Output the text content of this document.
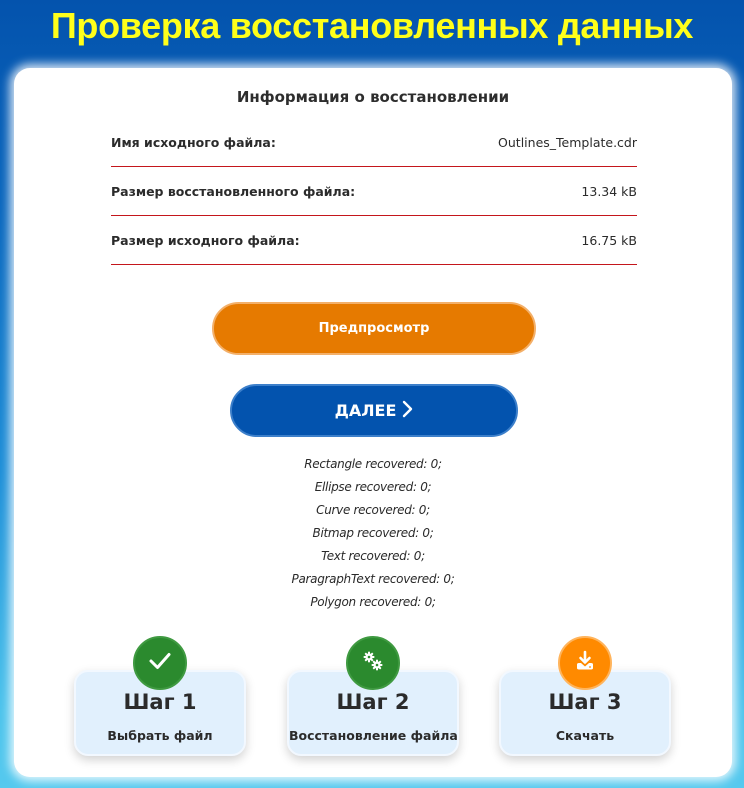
Проверка восстановленных данных
Информация о восстановлении
Имя исходного файла:	Outlines_Template.cdr
Размер восстановленного файла:	13.34 kB
Размер исходного файла:	16.75 kB
Предпросмотр
ДАЛЕЕ
Rectangle recovered: 0;
Ellipse recovered: 0;
Curve recovered: 0;
Bitmap recovered: 0;
Text recovered: 0;
ParagraphText recovered: 0;
Polygon recovered: 0;
Шаг 1
Выбрать файл
Шаг 2
Восстановление файла
Шаг 3
Скачать
